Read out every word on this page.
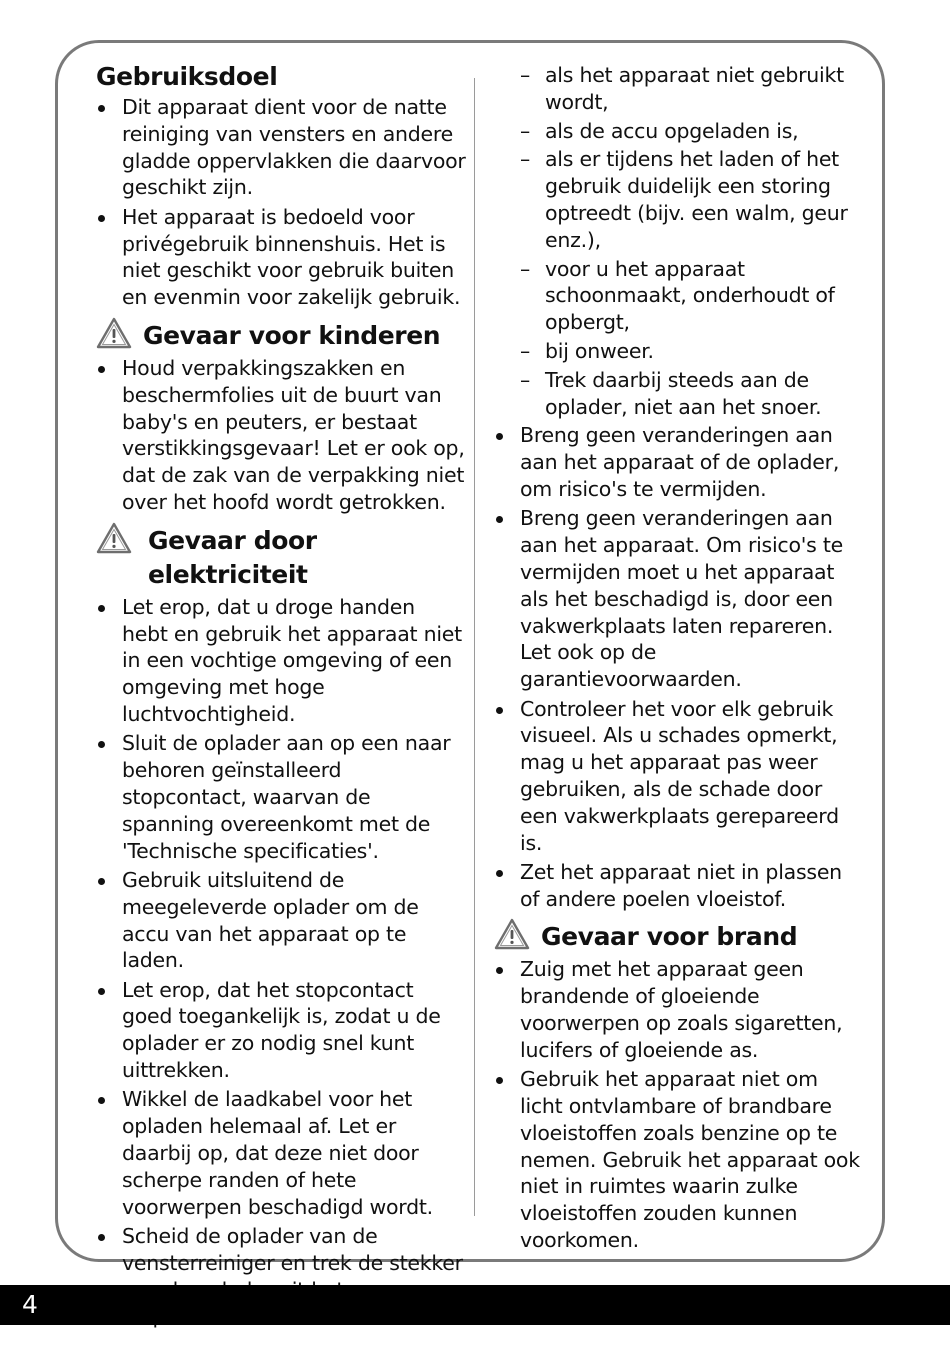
Gebruiksdoel
Dit apparaat dient voor de natte reiniging van vensters en andere gladde oppervlakken die daarvoor geschikt zijn.
Het apparaat is bedoeld voor privégebruik binnenshuis. Het is niet geschikt voor gebruik buiten en evenmin voor zakelijk gebruik.
Gevaar voor kinderen
Houd verpakkingszakken en beschermfolies uit de buurt van baby's en peuters, er bestaat verstikkingsgevaar! Let er ook op, dat de zak van de verpakking niet over het hoofd wordt getrokken.
Gevaar door elektriciteit
Let erop, dat u droge handen hebt en gebruik het apparaat niet in een vochtige omgeving of een omgeving met hoge luchtvochtigheid.
Sluit de oplader aan op een naar behoren geïnstalleerd stopcontact, waarvan de spanning overeenkomt met de 'Technische specificaties'.
Gebruik uitsluitend de meegeleverde oplader om de accu van het apparaat op te laden.
Let erop, dat het stopcontact goed toegankelijk is, zodat u de oplader er zo nodig snel kunt uittrekken.
Wikkel de laadkabel voor het opladen helemaal af. Let er daarbij op, dat deze niet door scherpe randen of hete voorwerpen beschadigd wordt.
Scheid de oplader van de vensterreiniger en trek de stekker
– als het apparaat niet gebruikt wordt,
– als de accu opgeladen is,
– als er tijdens het laden of het gebruik duidelijk een storing optreedt (bijv. een walm, geur enz.),
– voor u het apparaat schoonmaakt, onderhoudt of opbergt,
– bij onweer.
– Trek daarbij steeds aan de oplader, niet aan het snoer.
Breng geen veranderingen aan aan het apparaat of de oplader, om risico's te vermijden.
Breng geen veranderingen aan aan het apparaat. Om risico's te vermijden moet u het apparaat als het beschadigd is, door een vakwerkplaats laten repareren. Let ook op de garantievoorwaarden.
Controleer het voor elk gebruik visueel. Als u schades opmerkt, mag u het apparaat pas weer gebruiken, als de schade door een vakwerkplaats gerepareerd is.
Zet het apparaat niet in plassen of andere poelen vloeistof.
Gevaar voor brand
Zuig met het apparaat geen brandende of gloeiende voorwerpen op zoals sigaretten, lucifers of gloeiende as.
Gebruik het apparaat niet om licht ontvlambare of brandbare vloeistoffen zoals benzine op te nemen. Gebruik het apparaat ook niet in ruimtes waarin zulke vloeistoffen zouden kunnen voorkomen.
4
